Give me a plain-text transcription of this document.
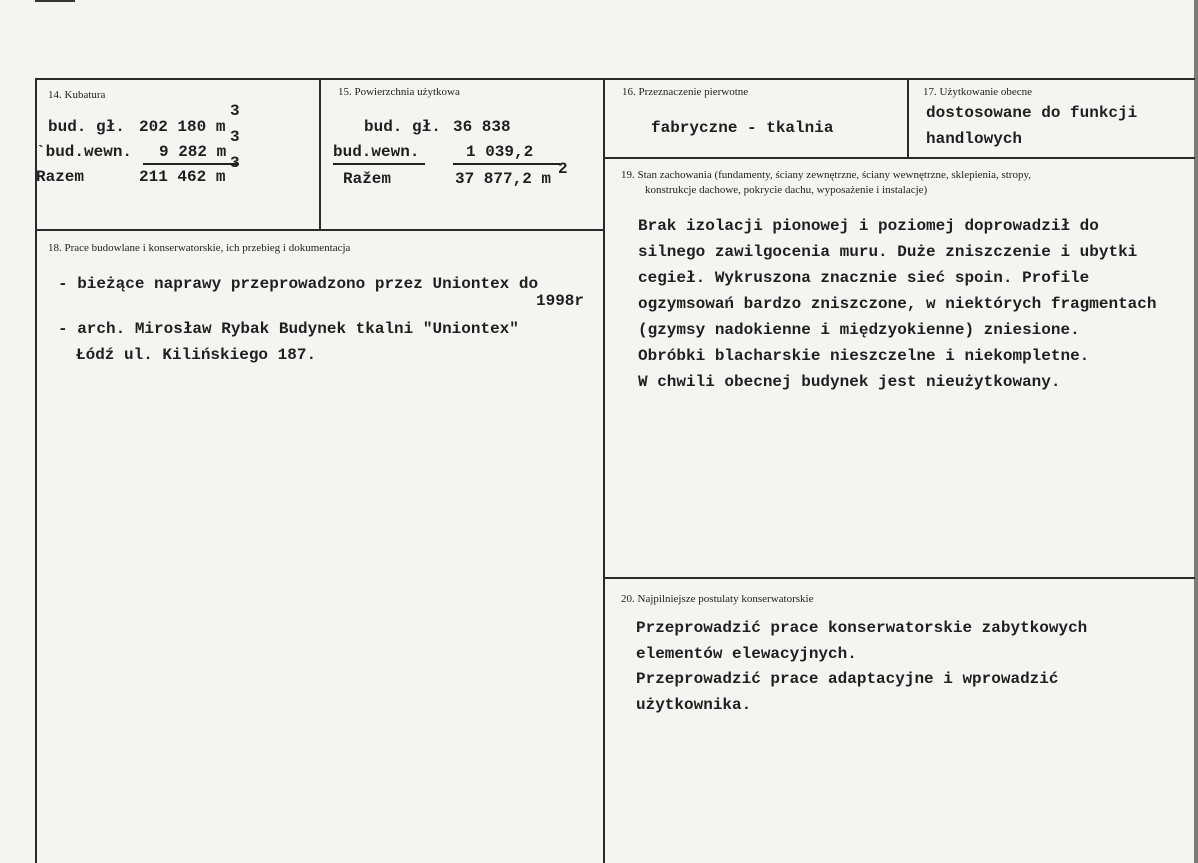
14. Kubatura
bud. gł. 202 180 m
3
`bud.wewn. 9 282 m
3
Razem	211 462 m
3
15. Powierzchnia użytkowa
bud. gł. 36 838
bud.wewn.	1 039,2
Ražem	37 877,2 m
2
16. Przeznaczenie pierwotne
fabryczne - tkalnia
17. Użytkowanie obecne
dostosowane do funkcji
handlowych
18. Prace budowlane i konserwatorskie, ich przebieg i dokumentacja
- bieżące naprawy przeprowadzono przez Uniontex do
1998r
- arch. Mirosław Rybak Budynek tkalni "Uniontex"
Łódź ul. Kilińskiego 187.
19. Stan zachowania (fundamenty, ściany zewnętrzne, ściany wewnętrzne, sklepienia, stropy,
konstrukcje dachowe, pokrycie dachu, wyposażenie i instalacje)
Brak izolacji pionowej i poziomej doprowadził do
silnego zawilgocenia muru. Duże zniszczenie i ubytki
cegieł. Wykruszona znacznie sieć spoin. Profile
ogzymsowań bardzo zniszczone, w niektórych fragmentach
(gzymsy nadokienne i międzyokienne) zniesione.
Obróbki blacharskie nieszczelne i niekompletne.
W chwili obecnej budynek jest nieużytkowany.
20. Najpilniejsze postulaty konserwatorskie
Przeprowadzić prace konserwatorskie zabytkowych
elementów elewacyjnych.
Przeprowadzić prace adaptacyjne i wprowadzić
użytkownika.
